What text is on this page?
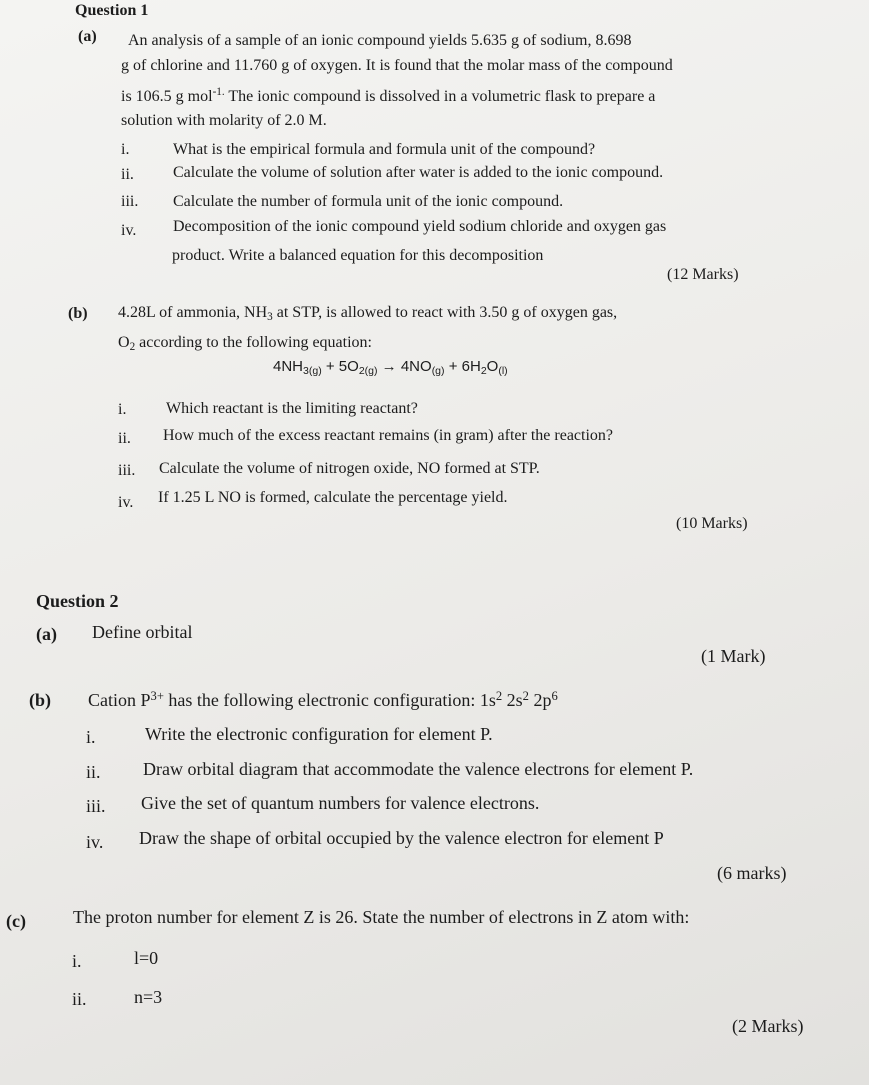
Question 1
(a) An analysis of a sample of an ionic compound yields 5.635 g of sodium, 8.698
g of chlorine and 11.760 g of oxygen. It is found that the molar mass of the compound
is 106.5 g mol$^{-1.}$ The ionic compound is dissolved in a volumetric flask to prepare a
solution with molarity of 2.0 M.
i.	What is the empirical formula and formula unit of the compound?
ii. Calculate the volume of solution after water is added to the ionic compound.
iii. Calculate the number of formula unit of the ionic compound.
iv. Decomposition of the ionic compound yield sodium chloride and oxygen gas
product. Write a balanced equation for this decomposition
(12 Marks)
(b) 4.28L of ammonia, $NH_3$ at STP, is allowed to react with 3.50 g of oxygen gas,
$O_2$ according to the following equation:
$4NH_{3(g)} + 5O_{2(g)} \to 4NO_{(g)} + 6H_2O_{(l)}$
i. Which reactant is the limiting reactant?
ii. How much of the excess reactant remains (in gram) after the reaction?
iii. Calculate the volume of nitrogen oxide, NO formed at STP.
iv. If 1.25 L NO is formed, calculate the percentage yield.
(10 Marks)
Question 2
(a) Define orbital
(1 Mark)
(b) Cation $P^{3+}$ has the following electronic configuration: $1s^2$ $2s^2$ $2p^6$
i.	Write the electronic configuration for element P.
ii. Draw orbital diagram that accommodate the valence electrons for element P.
iii. Give the set of quantum numbers for valence electrons.
iv. Draw the shape of orbital occupied by the valence electron for element P
(6 marks)
(c)	The proton number for element Z is 26. State the number of electrons in Z atom with:
i.	l=0
ii.	n=3
(2 Marks)
